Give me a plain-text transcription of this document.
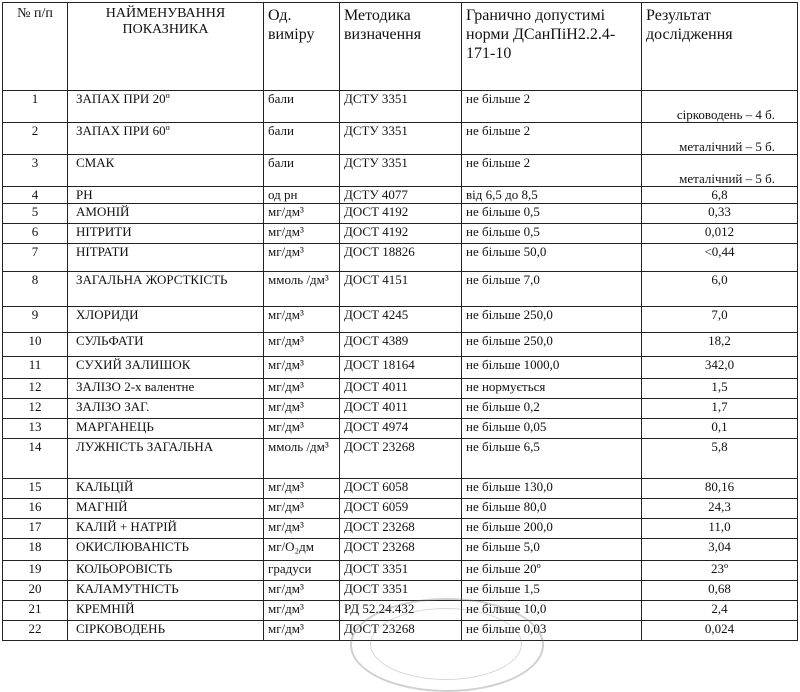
№ п/п	НАЙМЕНУВАННЯ ПОКАЗНИКА	Од. виміру	Методика визначення	Гранично допустимі норми ДСанПіН2.2.4-171-10	Результат дослідження
1	ЗАПАХ ПРИ 20º	бали	ДСТУ 3351	не більше 2	сірководень – 4 б.
2	ЗАПАХ ПРИ 60º	бали	ДСТУ 3351	не більше 2	металічний – 5 б.
3	СМАК	бали	ДСТУ 3351	не більше 2	металічний – 5 б.
4	PH	од рн	ДСТУ 4077	від 6,5 до 8,5	6,8
5	АМОНІЙ	мг/дм³	ДОСТ 4192	не більше 0,5	0,33
6	НІТРИТИ	мг/дм³	ДОСТ 4192	не більше 0,5	0,012
7	НІТРАТИ	мг/дм³	ДОСТ 18826	не більше 50,0	<0,44
8	ЗАГАЛЬНА ЖОРСТКІСТЬ	ммоль /дм³	ДОСТ 4151	не більше 7,0	6,0
9	ХЛОРИДИ	мг/дм³	ДОСТ 4245	не більше 250,0	7,0
10	СУЛЬФАТИ	мг/дм³	ДОСТ 4389	не більше 250,0	18,2
11	СУХИЙ ЗАЛИШОК	мг/дм³	ДОСТ 18164	не більше 1000,0	342,0
12	ЗАЛІЗО 2-х валентне	мг/дм³	ДОСТ 4011	не нормується	1,5
12	ЗАЛІЗО ЗАГ.	мг/дм³	ДОСТ 4011	не більше 0,2	1,7
13	МАРГАНЕЦЬ	мг/дм³	ДОСТ 4974	не більше 0,05	0,1
14	ЛУЖНІСТЬ ЗАГАЛЬНА	ммоль /дм³	ДОСТ 23268	не більше 6,5	5,8
15	КАЛЬЦІЙ	мг/дм³	ДОСТ 6058	не більше 130,0	80,16
16	МАГНІЙ	мг/дм³	ДОСТ 6059	не більше 80,0	24,3
17	КАЛІЙ + НАТРІЙ	мг/дм³	ДОСТ 23268	не більше 200,0	11,0
18	ОКИСЛЮВАНІСТЬ	мг/O₂дм	ДОСТ 23268	не більше 5,0	3,04
19	КОЛЬОРОВІСТЬ	градуси	ДОСТ 3351	не більше 20º	23º
20	КАЛАМУТНІСТЬ	мг/дм³	ДОСТ 3351	не більше 1,5	0,68
21	КРЕМНІЙ	мг/дм³	РД 52.24.432	не більше 10,0	2,4
22	СІРКОВОДЕНЬ	мг/дм³	ДОСТ 23268	не більше 0,03	0,024
